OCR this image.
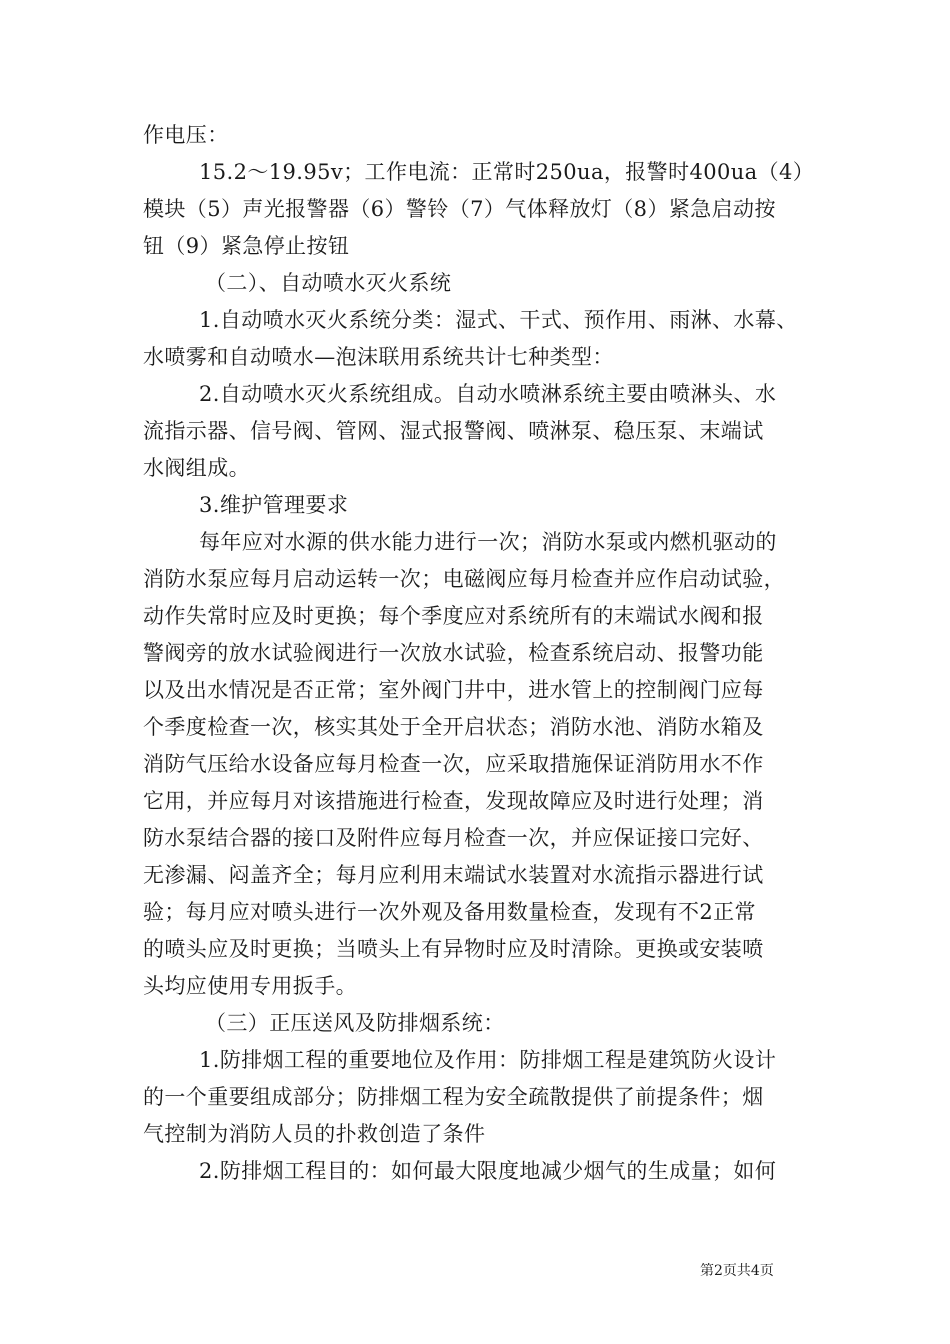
作电压：
15.2～19.95v；工作电流：正常时250ua，报警时400ua（4）
模块（5）声光报警器（6）警铃（7）气体释放灯（8）紧急启动按
钮（9）紧急停止按钮
（二）、自动喷水灭火系统
1.自动喷水灭火系统分类：湿式、干式、预作用、雨淋、水幕、
水喷雾和自动喷水—泡沫联用系统共计七种类型：
2.自动喷水灭火系统组成。自动水喷淋系统主要由喷淋头、水
流指示器、信号阀、管网、湿式报警阀、喷淋泵、稳压泵、末端试
水阀组成。
3.维护管理要求
每年应对水源的供水能力进行一次；消防水泵或内燃机驱动的
消防水泵应每月启动运转一次；电磁阀应每月检查并应作启动试验，
动作失常时应及时更换；每个季度应对系统所有的末端试水阀和报
警阀旁的放水试验阀进行一次放水试验，检查系统启动、报警功能
以及出水情况是否正常；室外阀门井中，进水管上的控制阀门应每
个季度检查一次，核实其处于全开启状态；消防水池、消防水箱及
消防气压给水设备应每月检查一次，应采取措施保证消防用水不作
它用，并应每月对该措施进行检查，发现故障应及时进行处理；消
防水泵结合器的接口及附件应每月检查一次，并应保证接口完好、
无渗漏、闷盖齐全；每月应利用末端试水装置对水流指示器进行试
验；每月应对喷头进行一次外观及备用数量检查，发现有不2正常
的喷头应及时更换；当喷头上有异物时应及时清除。更换或安装喷
头均应使用专用扳手。
（三）正压送风及防排烟系统：
1.防排烟工程的重要地位及作用：防排烟工程是建筑防火设计
的一个重要组成部分；防排烟工程为安全疏散提供了前提条件；烟
气控制为消防人员的扑救创造了条件
2.防排烟工程目的：如何最大限度地减少烟气的生成量；如何
第2页共4页
